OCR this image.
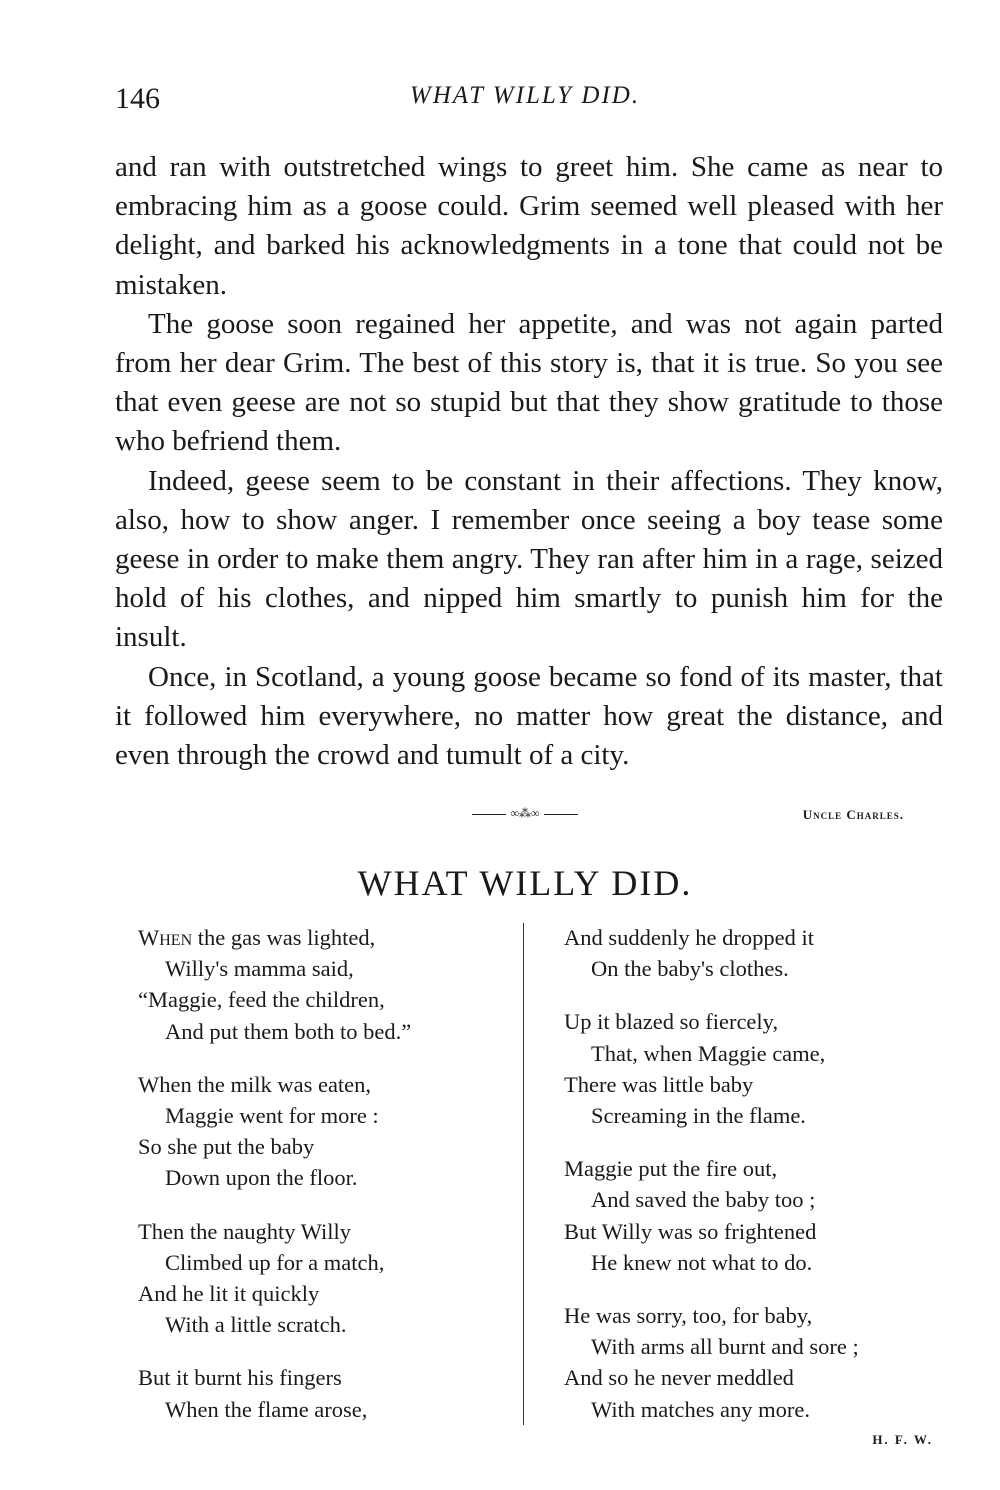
146	WHAT WILLY DID.

and ran with outstretched wings to greet him. She came as near to embracing him as a goose could. Grim seemed well pleased with her delight, and barked his acknowledgments in a tone that could not be mistaken.

The goose soon regained her appetite, and was not again parted from her dear Grim. The best of this story is, that it is true. So you see that even geese are not so stupid but that they show gratitude to those who befriend them.

Indeed, geese seem to be constant in their affections. They know, also, how to show anger. I remember once seeing a boy tease some geese in order to make them angry. They ran after him in a rage, seized hold of his clothes, and nipped him smartly to punish him for the insult.

Once, in Scotland, a young goose became so fond of its master, that it followed him everywhere, no matter how great the distance, and even through the crowd and tumult of a city.

∞⁂∞	Uncle Charles.
WHAT WILLY DID.
When the gas was lighted,
Willy's mamma said,
“Maggie, feed the children,
And put them both to bed.”
When the milk was eaten,
Maggie went for more :
So she put the baby
Down upon the floor.
Then the naughty Willy
Climbed up for a match,
And he lit it quickly
With a little scratch.
But it burnt his fingers
When the flame arose,
And suddenly he dropped it
On the baby's clothes.
Up it blazed so fiercely,
That, when Maggie came,
There was little baby
Screaming in the flame.
Maggie put the fire out,
And saved the baby too ;
But Willy was so frightened
He knew not what to do.
He was sorry, too, for baby,
With arms all burnt and sore ;
And so he never meddled
With matches any more.
H. F. W.
